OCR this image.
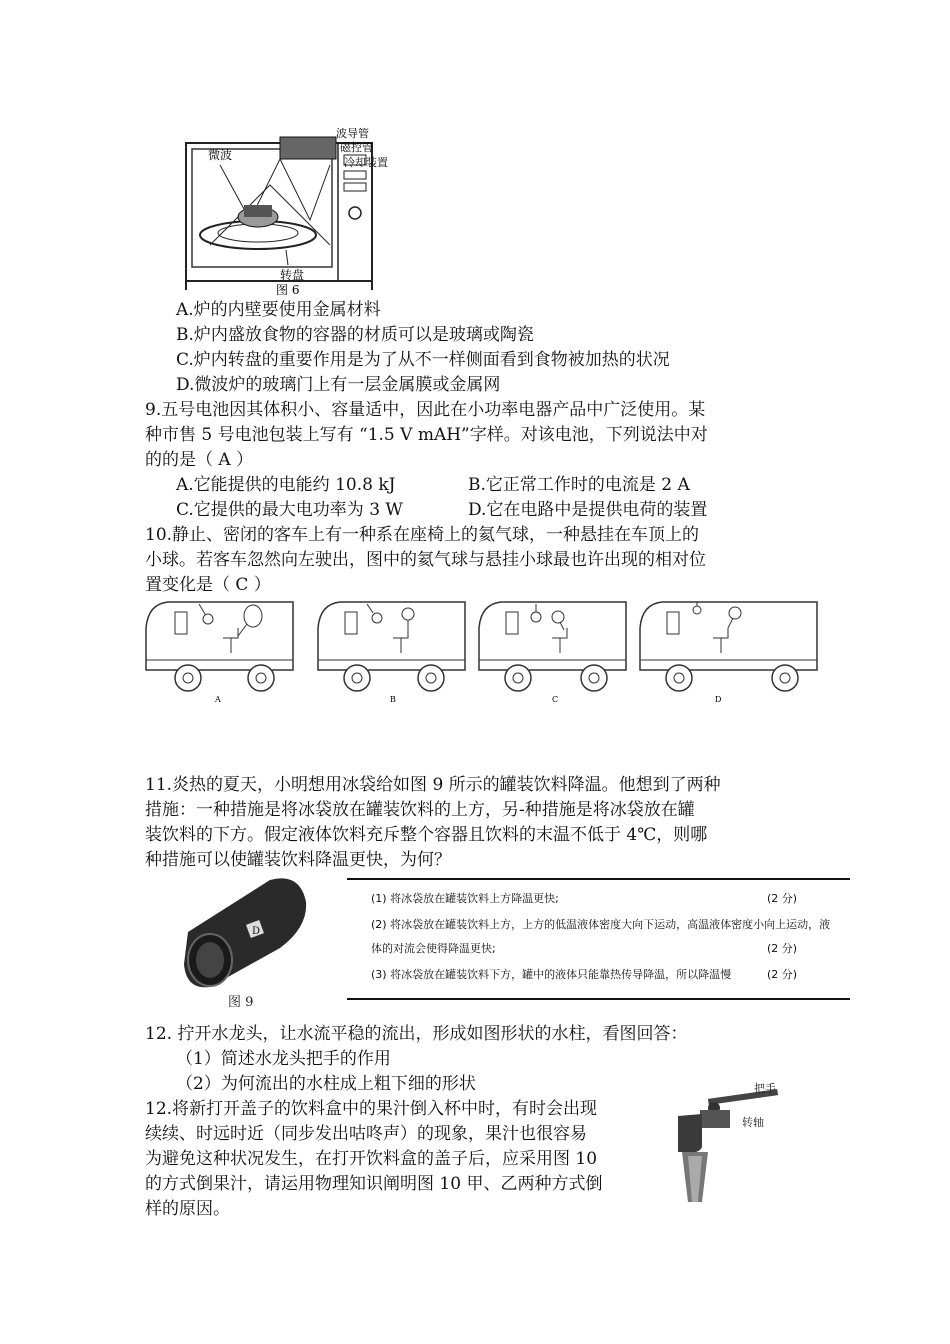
微波
波导管
磁控管
转盘
图 6
冷却装置
A.炉的内壁要使用金属材料
B.炉内盛放食物的容器的材质可以是玻璃或陶瓷
C.炉内转盘的重要作用是为了从不一样侧面看到食物被加热的状况
D.微波炉的玻璃门上有一层金属膜或金属网
9.五号电池因其体积小、容量适中，因此在小功率电器产品中广泛使用。某
种市售 5 号电池包装上写有 “1.5 V mAH”字样。对该电池，下列说法中对
的的是（ A ）
A.它能提供的电能约 10.8 kJ	B.它正常工作时的电流是 2 A
C.它提供的最大电功率为 3 W	D.它在电路中是提供电荷的装置
10.静止、密闭的客车上有一种系在座椅上的氦气球，一种悬挂在车顶上的
小球。若客车忽然向左驶出，图中的氦气球与悬挂小球最也许出现的相对位
置变化是（ C ）
A	B	C	D
11.炎热的夏天，小明想用冰袋给如图 9 所示的罐装饮料降温。他想到了两种
措施：一种措施是将冰袋放在罐装饮料的上方，另-种措施是将冰袋放在罐
装饮料的下方。假定液体饮料充斥整个容器且饮料的末温不低于 4℃，则哪
种措施可以使罐装饮料降温更快，为何？
D
图 9
(1) 将冰袋放在罐装饮料上方降温更快;	(2 分)
(2) 将冰袋放在罐装饮料上方，上方的低温液体密度大向下运动，高温液体密度小向上运动，液
体的对流会使得降温更快;	(2 分)
(3) 将冰袋放在罐装饮料下方，罐中的液体只能靠热传导降温，所以降温慢	(2 分)
12. 拧开水龙头，让水流平稳的流出，形成如图形状的水柱，看图回答：
（1）简述水龙头把手的作用
（2）为何流出的水柱成上粗下细的形状
12.将新打开盖子的饮料盒中的果汁倒入杯中时，有时会出现
续续、时远时近（同步发出咕咚声）的现象，果汁也很容易
为避免这种状况发生，在打开饮料盒的盖子后，应采用图 10
的方式倒果汁，请运用物理知识阐明图 10 甲、乙两种方式倒
样的原因。
把手
转轴
